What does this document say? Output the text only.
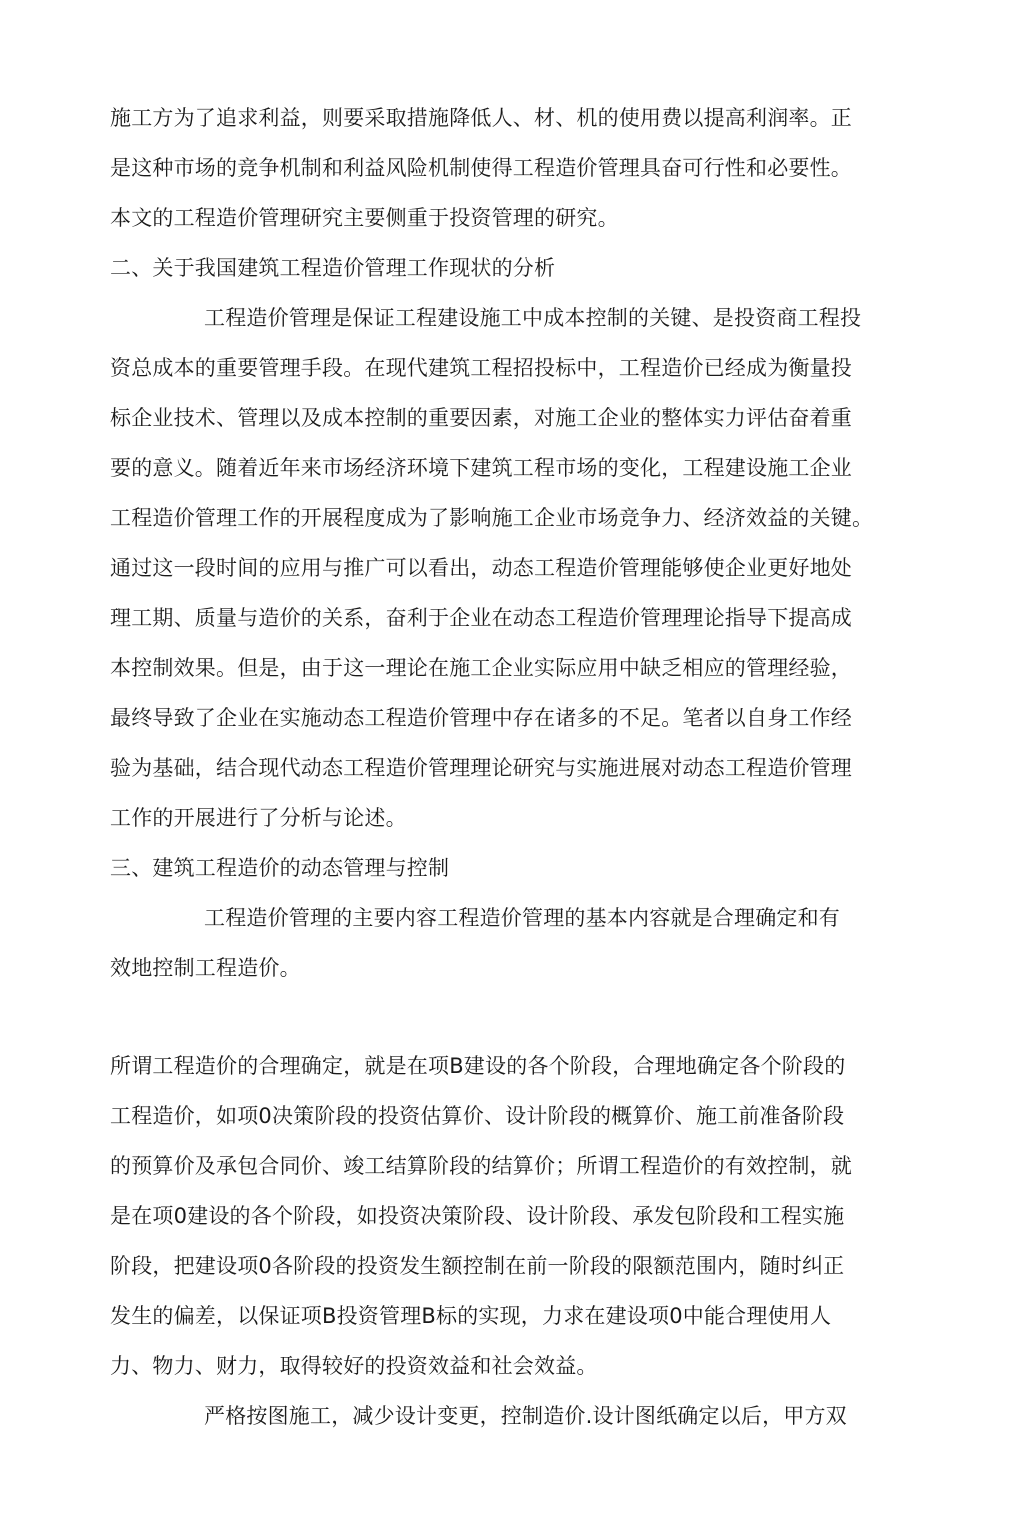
施工方为了追求利益，则要采取措施降低人、材、机的使用费以提高利润率。正
是这种市场的竞争机制和利益风险机制使得工程造价管理具奋可行性和必要性。
本文的工程造价管理研究主要侧重于投资管理的研究。
二、关于我国建筑工程造价管理工作现状的分析
工程造价管理是保证工程建设施工中成本控制的关键、是投资商工程投
资总成本的重要管理手段。在现代建筑工程招投标中，工程造价已经成为衡量投
标企业技术、管理以及成本控制的重要因素，对施工企业的整体实力评估奋着重
要的意义。随着近年来市场经济环境下建筑工程市场的变化，工程建设施工企业
工程造价管理工作的开展程度成为了影响施工企业市场竞争力、经济效益的关键。
通过这一段时间的应用与推广可以看出，动态工程造价管理能够使企业更好地处
理工期、质量与造价的关系，奋利于企业在动态工程造价管理理论指导下提高成
本控制效果。但是，由于这一理论在施工企业实际应用中缺乏相应的管理经验，
最终导致了企业在实施动态工程造价管理中存在诸多的不足。笔者以自身工作经
验为基础，结合现代动态工程造价管理理论研究与实施进展对动态工程造价管理
工作的开展进行了分析与论述。
三、建筑工程造价的动态管理与控制
工程造价管理的主要内容工程造价管理的基本内容就是合理确定和有
效地控制工程造价。
所谓工程造价的合理确定，就是在项B建设的各个阶段，合理地确定各个阶段的
工程造价，如项0决策阶段的投资估算价、设计阶段的概算价、施工前准备阶段
的预算价及承包合同价、竣工结算阶段的结算价；所谓工程造价的有效控制，就
是在项0建设的各个阶段，如投资决策阶段、设计阶段、承发包阶段和工程实施
阶段，把建设项0各阶段的投资发生额控制在前一阶段的限额范围内，随时纠正
发生的偏差，以保证项B投资管理B标的实现，力求在建设项0中能合理使用人
力、物力、财力，取得较好的投资效益和社会效益。
严格按图施工，减少设计变更，控制造价.设计图纸确定以后，甲方双
